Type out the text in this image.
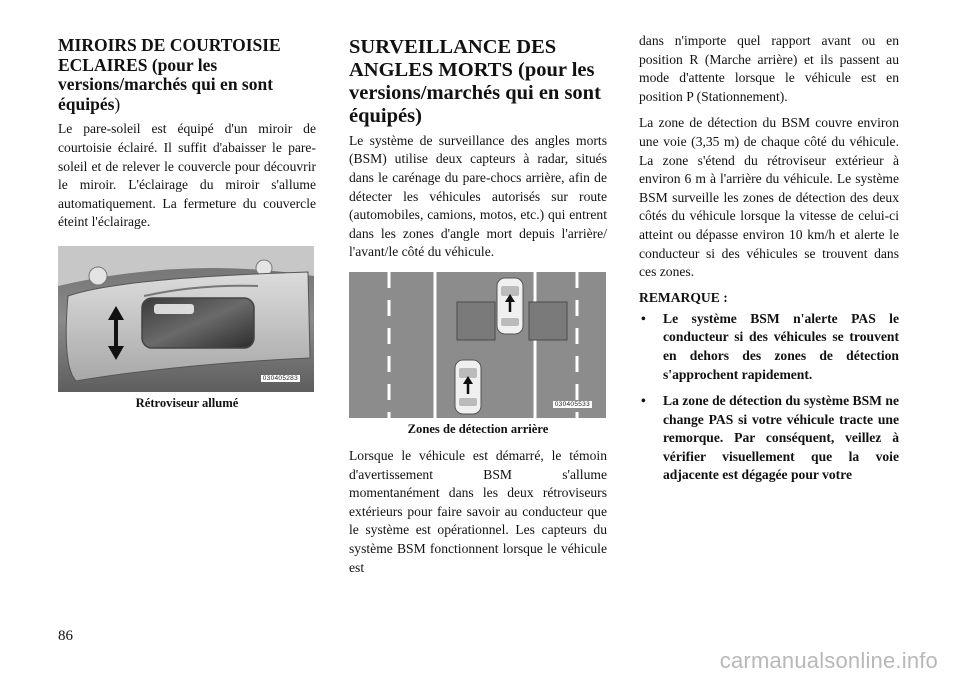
MIROIRS DE COURTOISIE ECLAIRES (pour les versions/marchés qui en sont équipés)

Le pare-soleil est équipé d'un miroir de courtoisie éclairé. Il suffit d'abaisser le pare-soleil et de relever le couvercle pour découvrir le miroir. L'éclairage du miroir s'allume automatiquement. La fermeture du couvercle éteint l'éclairage.

030405283
Rétroviseur allumé
SURVEILLANCE DES ANGLES MORTS (pour les versions/marchés qui en sont équipés)

Le système de surveillance des angles morts (BSM) utilise deux capteurs à radar, situés dans le carénage du pare-chocs arrière, afin de détecter les véhicules autorisés sur route (automobiles, camions, motos, etc.) qui entrent dans les zones d'angle mort depuis l'arrière/ l'avant/le côté du véhicule.

030405533
Zones de détection arrière

Lorsque le véhicule est démarré, le témoin d'avertissement BSM s'allume momentanément dans les deux rétroviseurs extérieurs pour faire savoir au conducteur que le système est opérationnel. Les capteurs du système BSM fonctionnent lorsque le véhicule est

dans n'importe quel rapport avant ou en position R (Marche arrière) et ils passent au mode d'attente lorsque le véhicule est en position P (Stationnement).

La zone de détection du BSM couvre environ une voie (3,35 m) de chaque côté du véhicule. La zone s'étend du rétroviseur extérieur à environ 6 m à l'arrière du véhicule. Le système BSM surveille les zones de détection des deux côtés du véhicule lorsque la vitesse de celui-ci atteint ou dépasse environ 10 km/h et alerte le conducteur si des véhicules se trouvent dans ces zones.

REMARQUE :
• Le système BSM n'alerte PAS le conducteur si des véhicules se trouvent en dehors des zones de détection s'approchent rapidement.
• La zone de détection du système BSM ne change PAS si votre véhicule tracte une remorque. Par conséquent, veillez à vérifier visuellement que la voie adjacente est dégagée pour votre
86
carmanualsonline.info
